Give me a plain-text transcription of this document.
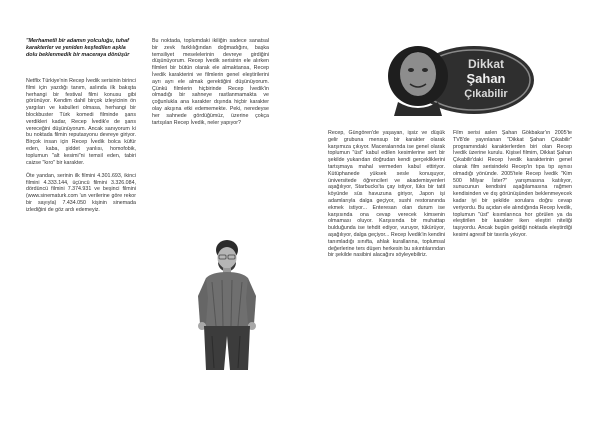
"Merhametli bir adamın yolculuğu, tuhaf karakterler ve yeniden keşfedilen aşkla dolu beklenmedik bir maceraya dönüşür

Netflix Türkiye'nin Recep İvedik serisinin birinci filmi için yazdığı tanım, aslında ilk bakışta herhangi bir festival filmi konusu gibi görünüyor. Kendim dahil birçok izleyicinin ön yargıları ve kabulleri olmasa, herhangi bir blockbuster Türk komedi filminde şans verdikleri kadar, Recep İvedik'e de şans vereceğini düşünüyorum. Ancak sanıyorum ki bu noktada filmin reputasyonu devreye giriyor. Birçok insan için Recep İvedik bolca küfür eden, kaba, şiddet yanlısı, homofobik, toplumun "alt kesimi"ni temsil eden, tabiri caizse "kıro" bir karakter.

Öte yandan, serinin ilk filmini 4.301.693, ikinci filmini 4.333.144, üçüncü filmini 3.326.084, dördüncü filmini 7.374.931 ve beşinci filmini (www.sinematurk.com 'un verilerine göre rekor bir sayıyla) 7.434.050 kişinin sinemada izlediğini de göz ardı edemeyiz.

Bu noktada, toplumdaki ikiliğin sadece sanatsal bir zevk farklılığından doğmadığını, başka temsiliyet meselelerinin devreye girdiğini düşünüyorum. Recep İvedik serisinin ele alırken filmleri bir bütün olarak ele almaktansa, Recep İvedik karakterini ve filmlerin genel eleştirilerini ayrı ayrı ele almak gerektiğini düşünüyorum. Çünkü filmlerin hiçbirinde Recep İvedik'in olmadığı bir sahneye rastlanmamakta ve çoğunlukla ana karakter dışında hiçbir karakter olay akışına etki edememekte. Peki, neredeyse her sahnede gördüğümüz, üzerine çokça tartışılan Recep İvedik, neler yapıyor?

Recep, Güngören'de yaşayan, işsiz ve düşük gelir grubuna mensup bir karakter olarak karşımıza çıkıyor. Maceralarında ise genel olarak toplumun "üst" kabul edilen kesimlerine sert bir şekilde yukarıdan doğrudan kendi gerçekliklerini tartışmaya mahal vermeden kabul ettiriyor. Kütüphanede yüksek sesle konuşuyor, üniversitede öğrencileri ve akademisyenleri aşağılıyor, Starbucks'ta çay istiyor, lüks bir tatil köyünde süs havuzuna giriyor, Japon işi adamlarıyla dalga geçiyor, sushi restoranında ekmek istiyor... Enteresan olan durum ise karşısında ona cevap verecek kimsenin olmaması oluyor. Karşısında bir muhattap bulduğunda ise tehdit ediyor, vuruyor, tükürüyor, aşağılıyor, dalga geçiyor... Recep İvedik'in kendini tanımladığı sınıfta, ahlak kurallarına, toplumsal değerlerine ters düşen herkesin bu sıkıntılarından bir şekilde nasibini alacağını söyleyebiliriz.

Film serisi aslen Şahan Gökbakar'ın 2005'te TV8'de yayınlanan "Dikkat Şahan Çıkabilir" programındaki karakterlerden biri olan Recep İvedik üzerine kurulu. Kişisel filmim, Dikkat Şahan Çıkabilir'daki Recep İvedik karakterinin genel olarak film serisindeki Recep'in tıpa tıp aynısı olmadığı yönünde. 2005'tele Recep İvedik "Kim 500 Milyar İster?" yarışmasına katılıyor, sunucunun kendisini aşağılamasına rağmen kendisinden ve dış görünüşünden beklenmeyecek kadar iyi bir şekilde sorulara doğru cevap veriyordu. Bu açıdan ele alındığında Recep İvedik, toplumun "üst" kısımlarınca hor görülen ya da eleştirilen bir karakter iken eleştiri niteliği taşıyordu. Ancak bugün geldiği noktada eleştirdiği kesimi agresif bir tavırla yıkıyor.

Dikkat
Şahan
Çıkabilir
